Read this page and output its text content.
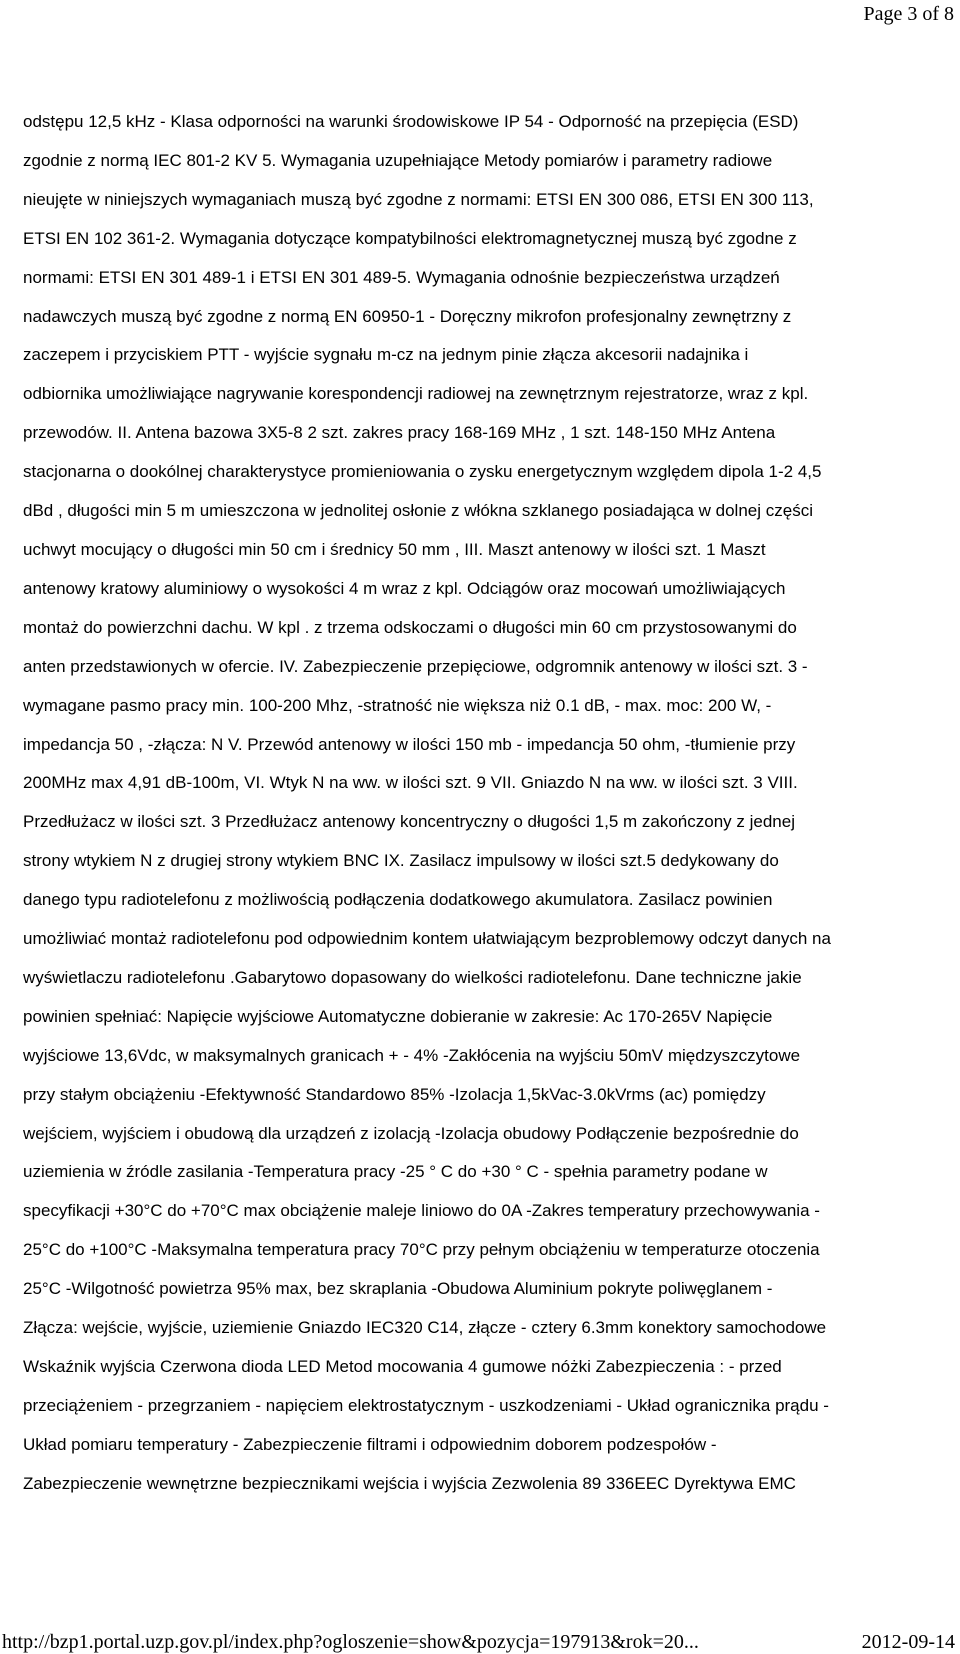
Page 3 of 8
odstępu 12,5 kHz - Klasa odporności na warunki środowiskowe IP 54 - Odporność na przepięcia (ESD)
zgodnie z normą IEC 801-2 KV 5. Wymagania uzupełniające Metody pomiarów i parametry radiowe
nieujęte w niniejszych wymaganiach muszą być zgodne z normami: ETSI EN 300 086, ETSI EN 300 113,
ETSI EN 102 361-2. Wymagania dotyczące kompatybilności elektromagnetycznej muszą być zgodne z
normami: ETSI EN 301 489-1 i ETSI EN 301 489-5. Wymagania odnośnie bezpieczeństwa urządzeń
nadawczych muszą być zgodne z normą EN 60950-1 - Doręczny mikrofon profesjonalny zewnętrzny z
zaczepem i przyciskiem PTT - wyjście sygnału m-cz na jednym pinie złącza akcesorii nadajnika i
odbiornika umożliwiające nagrywanie korespondencji radiowej na zewnętrznym rejestratorze, wraz z kpl.
przewodów. II. Antena bazowa 3X5-8 2 szt. zakres pracy 168-169 MHz , 1 szt. 148-150 MHz Antena
stacjonarna o dookólnej charakterystyce promieniowania o zysku energetycznym względem dipola 1-2 4,5
dBd , długości min 5 m umieszczona w jednolitej osłonie z włókna szklanego posiadająca w dolnej części
uchwyt mocujący o długości min 50 cm i średnicy 50 mm , III. Maszt antenowy w ilości szt. 1 Maszt
antenowy kratowy aluminiowy o wysokości 4 m wraz z kpl. Odciągów oraz mocowań umożliwiających
montaż do powierzchni dachu. W kpl . z trzema odskoczami o długości min 60 cm przystosowanymi do
anten przedstawionych w ofercie. IV. Zabezpieczenie przepięciowe, odgromnik antenowy w ilości szt. 3 -
wymagane pasmo pracy min. 100-200 Mhz, -stratność nie większa niż 0.1 dB, - max. moc: 200 W, -
impedancja 50 , -złącza: N V. Przewód antenowy w ilości 150 mb - impedancja 50 ohm, -tłumienie przy
200MHz max 4,91 dB-100m, VI. Wtyk N na ww. w ilości szt. 9 VII. Gniazdo N na ww. w ilości szt. 3 VIII.
Przedłużacz w ilości szt. 3 Przedłużacz antenowy koncentryczny o długości 1,5 m zakończony z jednej
strony wtykiem N z drugiej strony wtykiem BNC IX. Zasilacz impulsowy w ilości szt.5 dedykowany do
danego typu radiotelefonu z możliwością podłączenia dodatkowego akumulatora. Zasilacz powinien
umożliwiać montaż radiotelefonu pod odpowiednim kontem ułatwiającym bezproblemowy odczyt danych na
wyświetlaczu radiotelefonu .Gabarytowo dopasowany do wielkości radiotelefonu. Dane techniczne jakie
powinien spełniać: Napięcie wyjściowe Automatyczne dobieranie w zakresie: Ac 170-265V Napięcie
wyjściowe 13,6Vdc, w maksymalnych granicach + - 4% -Zakłócenia na wyjściu 50mV międzyszczytowe
przy stałym obciążeniu -Efektywność Standardowo 85% -Izolacja 1,5kVac-3.0kVrms (ac) pomiędzy
wejściem, wyjściem i obudową dla urządzeń z izolacją -Izolacja obudowy Podłączenie bezpośrednie do
uziemienia w źródle zasilania -Temperatura pracy -25 ° C do +30 ° C - spełnia parametry podane w
specyfikacji +30°C do +70°C max obciążenie maleje liniowo do 0A -Zakres temperatury przechowywania -
25°C do +100°C -Maksymalna temperatura pracy 70°C przy pełnym obciążeniu w temperaturze otoczenia
25°C -Wilgotność powietrza 95% max, bez skraplania -Obudowa Aluminium pokryte poliwęglanem -
Złącza: wejście, wyjście, uziemienie Gniazdo IEC320 C14, złącze - cztery 6.3mm konektory samochodowe
Wskaźnik wyjścia Czerwona dioda LED Metod mocowania 4 gumowe nóżki Zabezpieczenia : - przed
przeciążeniem - przegrzaniem - napięciem elektrostatycznym - uszkodzeniami - Układ ogranicznika prądu -
Układ pomiaru temperatury - Zabezpieczenie filtrami i odpowiednim doborem podzespołów -
Zabezpieczenie wewnętrzne bezpiecznikami wejścia i wyjścia Zezwolenia 89 336EEC Dyrektywa EMC
http://bzp1.portal.uzp.gov.pl/index.php?ogloszenie=show&pozycja=197913&rok=20...	2012-09-14
